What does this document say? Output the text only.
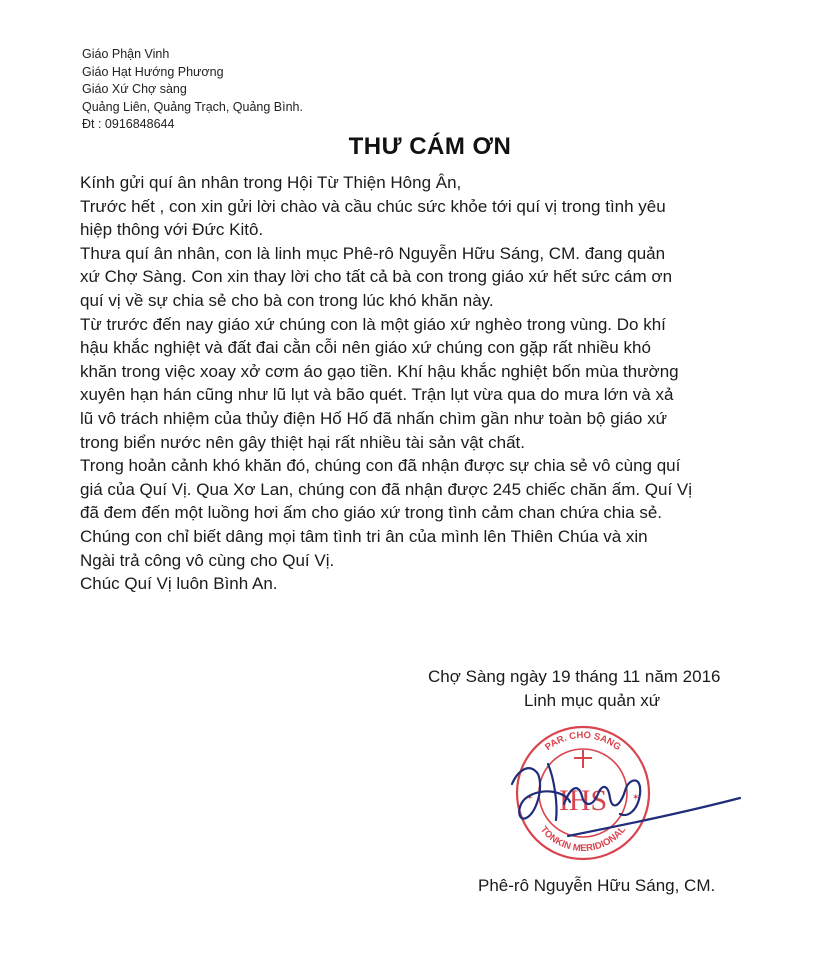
Giáo Phận Vinh
Giáo Hạt Hướng Phương
Giáo Xứ Chợ sàng
Quảng Liên, Quảng Trạch, Quảng Bình.
Đt : 0916848644
THƯ CÁM ƠN
Kính gửi quí ân nhân trong Hội Từ Thiện Hông Ân,
Trước hết , con xin gửi lời chào và cầu chúc sức khỏe tới quí vị trong tình yêu
hiệp thông với Đức Kitô.
Thưa quí ân nhân, con là linh mục Phê-rô Nguyễn Hữu Sáng, CM. đang quản
xứ Chợ Sàng. Con xin thay lời cho tất cả bà con trong giáo xứ hết sức cám ơn
quí vị về sự chia sẻ cho bà con trong lúc khó khăn này.
Từ trước đến nay giáo xứ chúng con là một giáo xứ nghèo trong vùng. Do khí
hậu khắc nghiệt và đất đai cằn cỗi nên giáo xứ chúng con gặp rất nhiều khó
khăn trong việc xoay xở cơm áo gạo tiền. Khí hậu khắc nghiệt bốn mùa thường
xuyên hạn hán cũng như lũ lụt và bão quét. Trận lụt vừa qua do mưa lớn và xả
lũ vô trách nhiệm của thủy điện Hố Hố đã nhấn chìm gần như toàn bộ giáo xứ
trong biển nước nên gây thiệt hại rất nhiều tài sản vật chất.
Trong hoản cảnh khó khăn đó, chúng con đã nhận được sự chia sẻ vô cùng quí
giá của Quí Vị. Qua Xơ Lan, chúng con đã nhận được 245 chiếc chăn ấm. Quí Vị
đã đem đến một luồng hơi ấm cho giáo xứ trong tình cảm chan chứa chia sẻ.
Chúng con chỉ biết dâng mọi tâm tình tri ân của mình lên Thiên Chúa và xin
Ngài trả công vô cùng cho Quí Vị.
Chúc Quí Vị luôn Bình An.
Chợ Sàng ngày 19 tháng 11 năm 2016
Linh mục quản xứ
PAR. CHO SANG
TONKIN MERIDIONAL
IHS
✶	✶
Phê-rô Nguyễn Hữu Sáng, CM.
